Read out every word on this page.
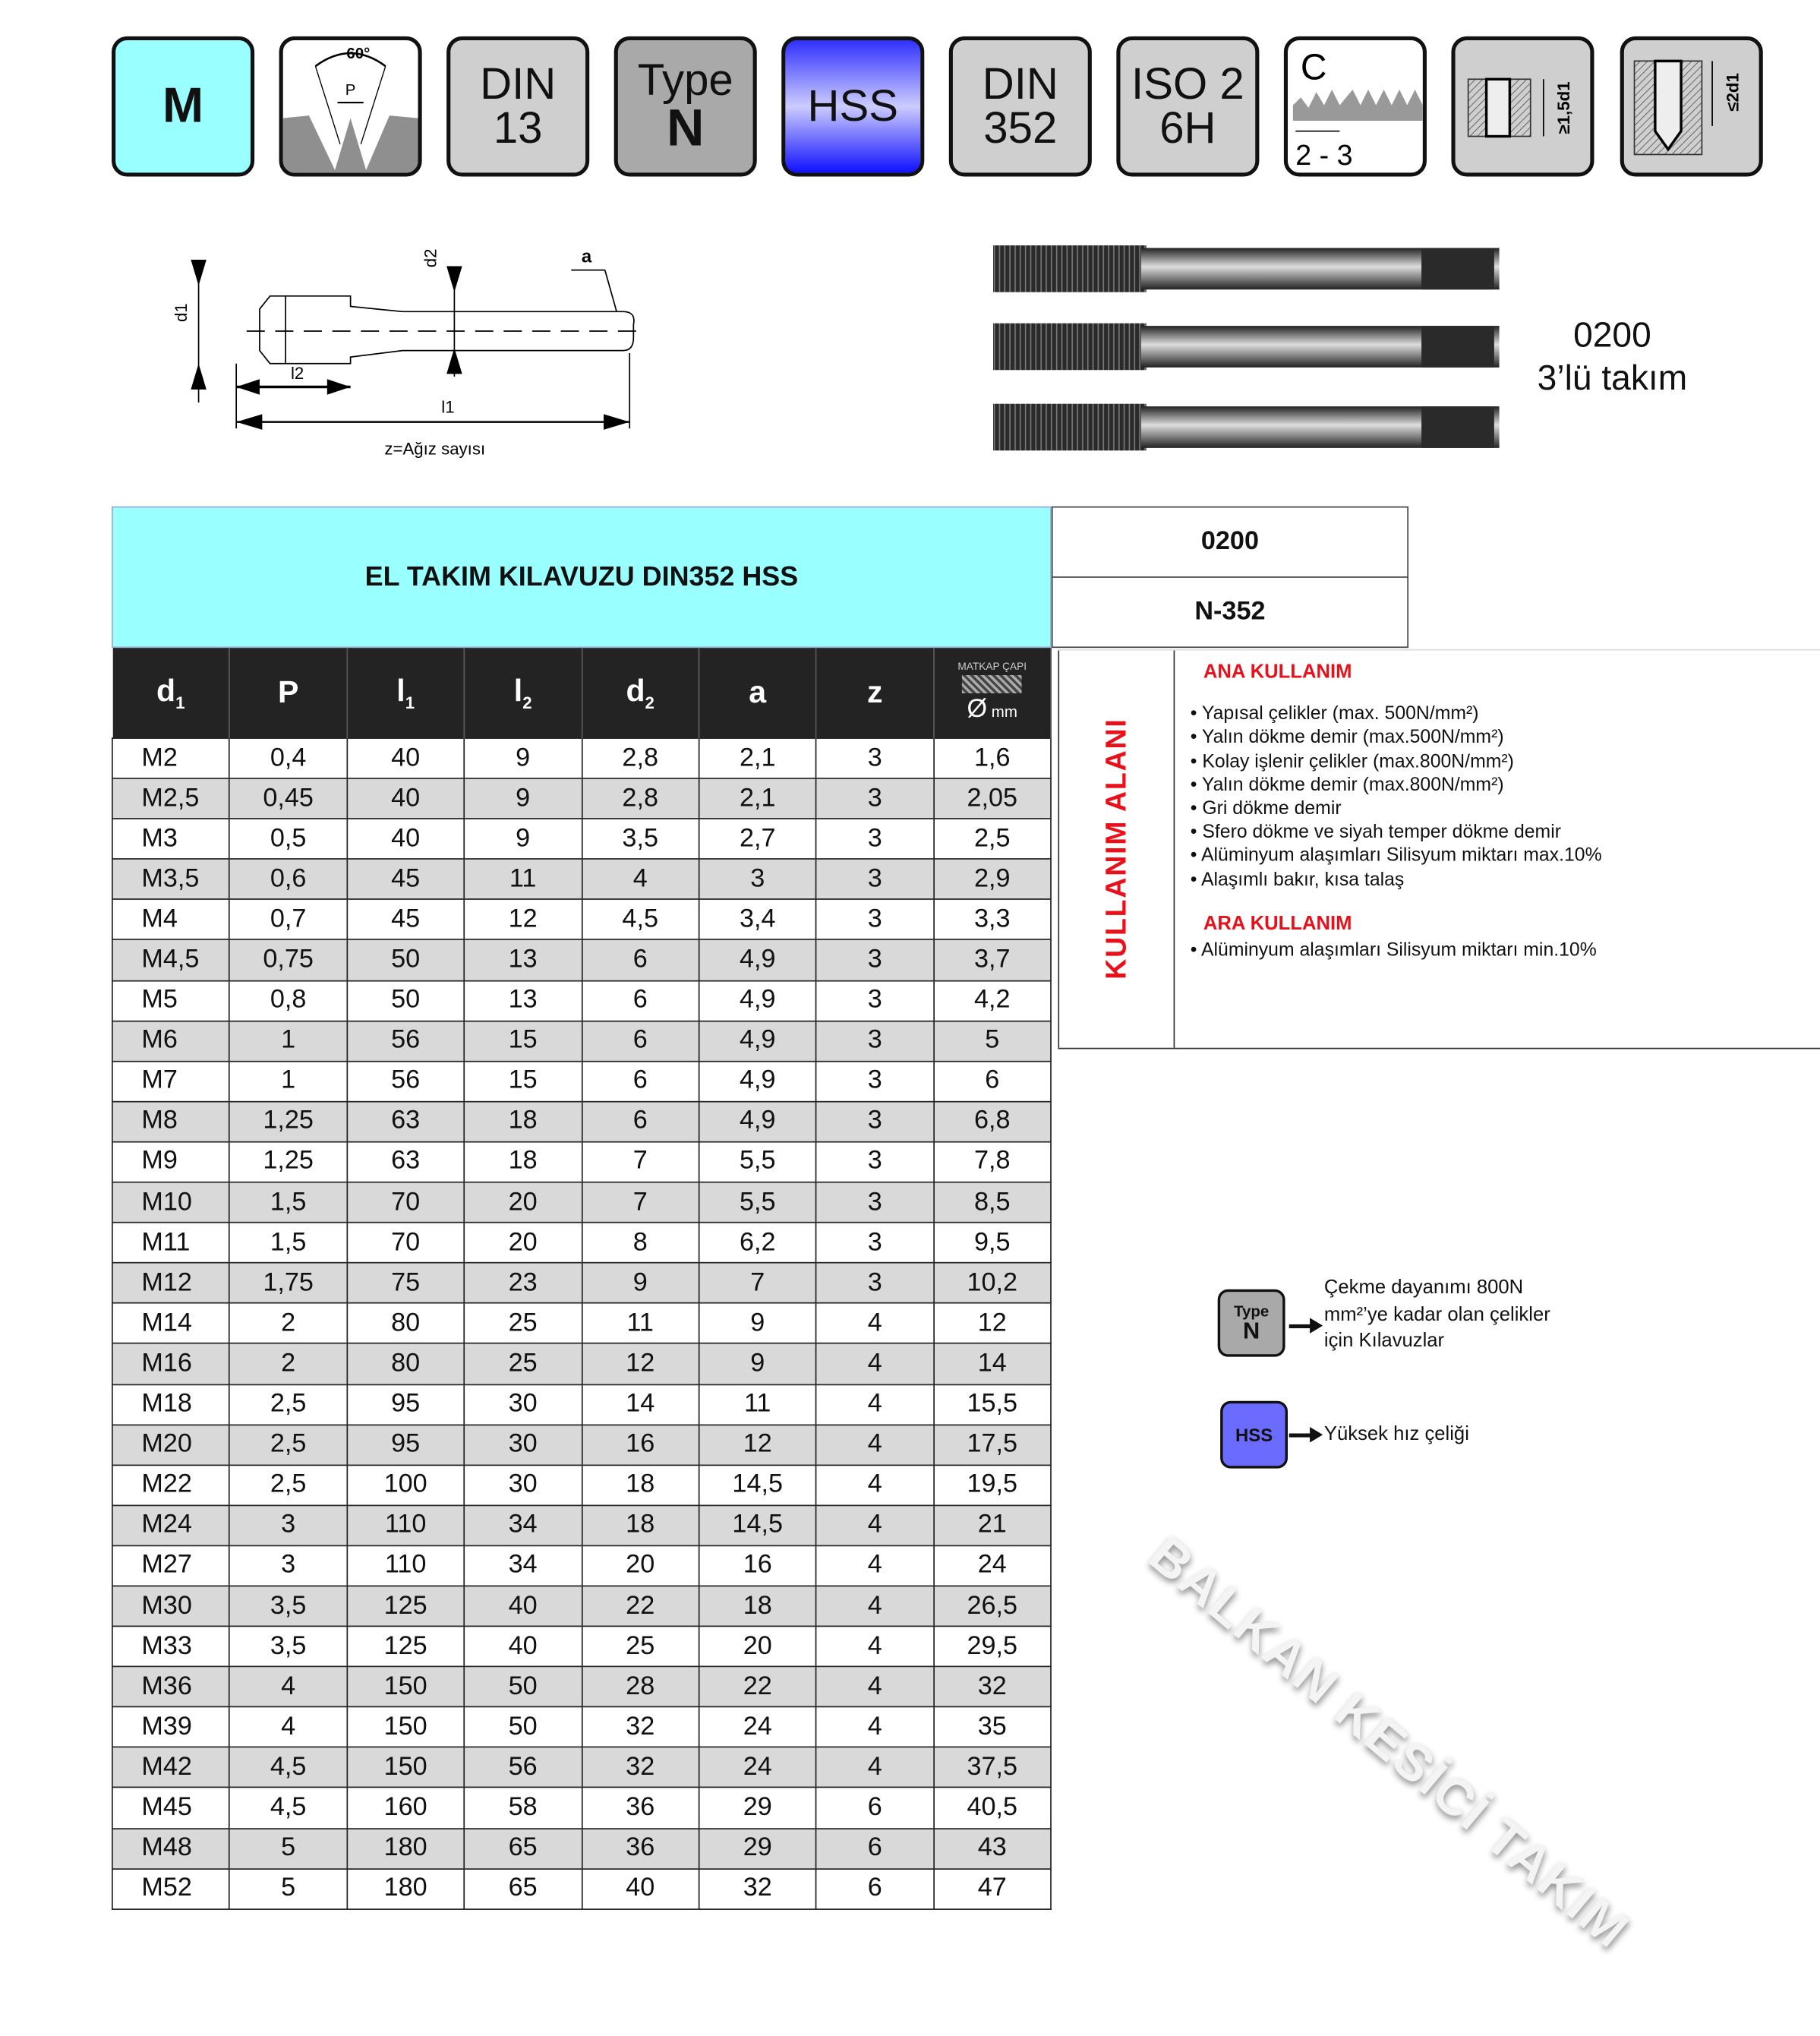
M
60°
P	DIN 13
Type
N	HSS	DIN
352
ISO 2
6H
C
2 - 3
≥1,5d1	≤2d1
d1
d2
l2
l1
a
z=Ağız sayısı
0200
3’lü takım
EL TAKIM KILAVUZU DIN352 HSS
0200
N-352
$d_1$	P	$l_1$	$l_2$	$d_2$	a	z	MATKAP ÇAPI
Ø mm

M2	0,4	40	9	2,8	2,1	3	1,6
M2,5	0,45	40	9	2,8	2,1	3	2,05
M3	0,5	40	9	3,5	2,7	3	2,5
M3,5	0,6	45	11	4	3	3	2,9
M4	0,7	45	12	4,5	3,4	3	3,3
M4,5	0,75	50	13	6	4,9	3	3,7
M5	0,8	50	13	6	4,9	3	4,2
M6	1	56	15	6	4,9	3	5
M7	1	56	15	6	4,9	3	6
M8	1,25	63	18	6	4,9	3	6,8
M9	1,25	63	18	7	5,5	3	7,8
M10	1,5	70	20	7	5,5	3	8,5
M11	1,5	70	20	8	6,2	3	9,5
M12	1,75	75	23	9	7	3	10,2
M14	2	80	25	11	9	4	12
M16	2	80	25	12	9	4	14
M18	2,5	95	30	14	11	4	15,5
M20	2,5	95	30	16	12	4	17,5
M22	2,5	100	30	18	14,5	4	19,5
M24	3	110	34	18	14,5	4	21
M27	3	110	34	20	16	4	24
M30	3,5	125	40	22	18	4	26,5
M33	3,5	125	40	25	20	4	29,5
M36	4	150	50	28	22	4	32
M39	4	150	50	32	24	4	35
M42	4,5	150	56	32	24	4	37,5
M45	4,5	160	58	36	29	6	40,5
M48	5	180	65	36	29	6	43
M52	5	180	65	40	32	6	47
KULLANIM ALANI
ANA KULLANIM
• Yapısal çelikler (max. 500N/mm²)
• Yalın dökme demir (max.500N/mm²)
• Kolay işlenir çelikler (max.800N/mm²)
• Yalın dökme demir (max.800N/mm²)
• Gri dökme demir
• Sfero dökme ve siyah temper dökme demir
• Alüminyum alaşımları Silisyum miktarı max.10%
• Alaşımlı bakır, kısa talaş
ARA KULLANIM
• Alüminyum alaşımları Silisyum miktarı min.10%
Type
N
Çekme dayanımı 800N mm²’ye kadar olan çelikler için Kılavuzlar
HSS	Yüksek hız çeliği
BALKAN KESİCİ TAKIM
